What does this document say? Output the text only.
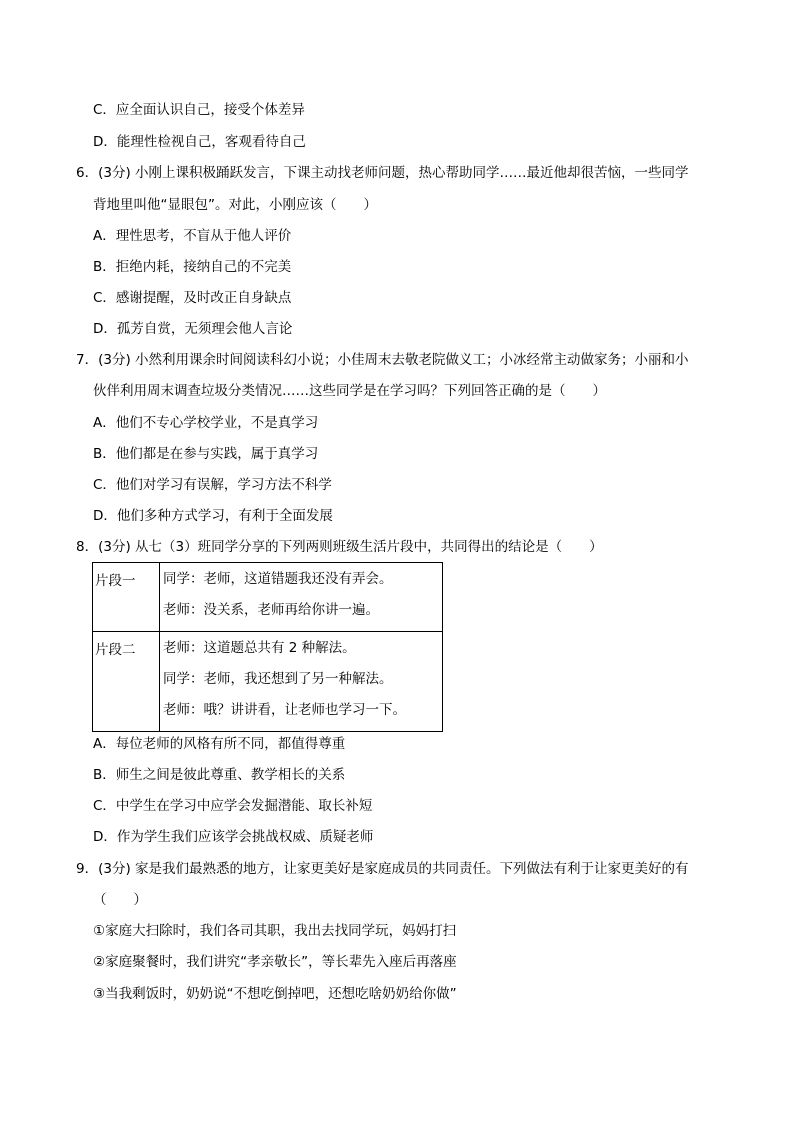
C．应全面认识自己，接受个体差异
D．能理性检视自己，客观看待自己
6．(3分) 小刚上课积极踊跃发言，下课主动找老师问题，热心帮助同学……最近他却很苦恼，一些同学
背地里叫他“显眼包”。对此，小刚应该（　　）
A．理性思考，不盲从于他人评价
B．拒绝内耗，接纳自己的不完美
C．感谢提醒，及时改正自身缺点
D．孤芳自赏，无须理会他人言论
7．(3分) 小然利用课余时间阅读科幻小说；小佳周末去敬老院做义工；小冰经常主动做家务；小丽和小
伙伴利用周末调查垃圾分类情况……这些同学是在学习吗？下列回答正确的是（　　）
A．他们不专心学校学业，不是真学习
B．他们都是在参与实践，属于真学习
C．他们对学习有误解，学习方法不科学
D．他们多种方式学习，有利于全面发展
8．(3分) 从七（3）班同学分享的下列两则班级生活片段中，共同得出的结论是（　　）
片段一	同学：老师，这道错题我还没有弄会。
老师：没关系，老师再给你讲一遍。

片段二	老师：这道题总共有 2 种解法。
同学：老师，我还想到了另一种解法。
老师：哦？讲讲看，让老师也学习一下。
A．每位老师的风格有所不同，都值得尊重
B．师生之间是彼此尊重、教学相长的关系
C．中学生在学习中应学会发掘潜能、取长补短
D．作为学生我们应该学会挑战权威、质疑老师
9．(3分) 家是我们最熟悉的地方，让家更美好是家庭成员的共同责任。下列做法有利于让家更美好的有
（　　）
①家庭大扫除时，我们各司其职，我出去找同学玩，妈妈打扫
②家庭聚餐时，我们讲究“孝亲敬长”，等长辈先入座后再落座
③当我剩饭时，奶奶说“不想吃倒掉吧，还想吃啥奶奶给你做”
